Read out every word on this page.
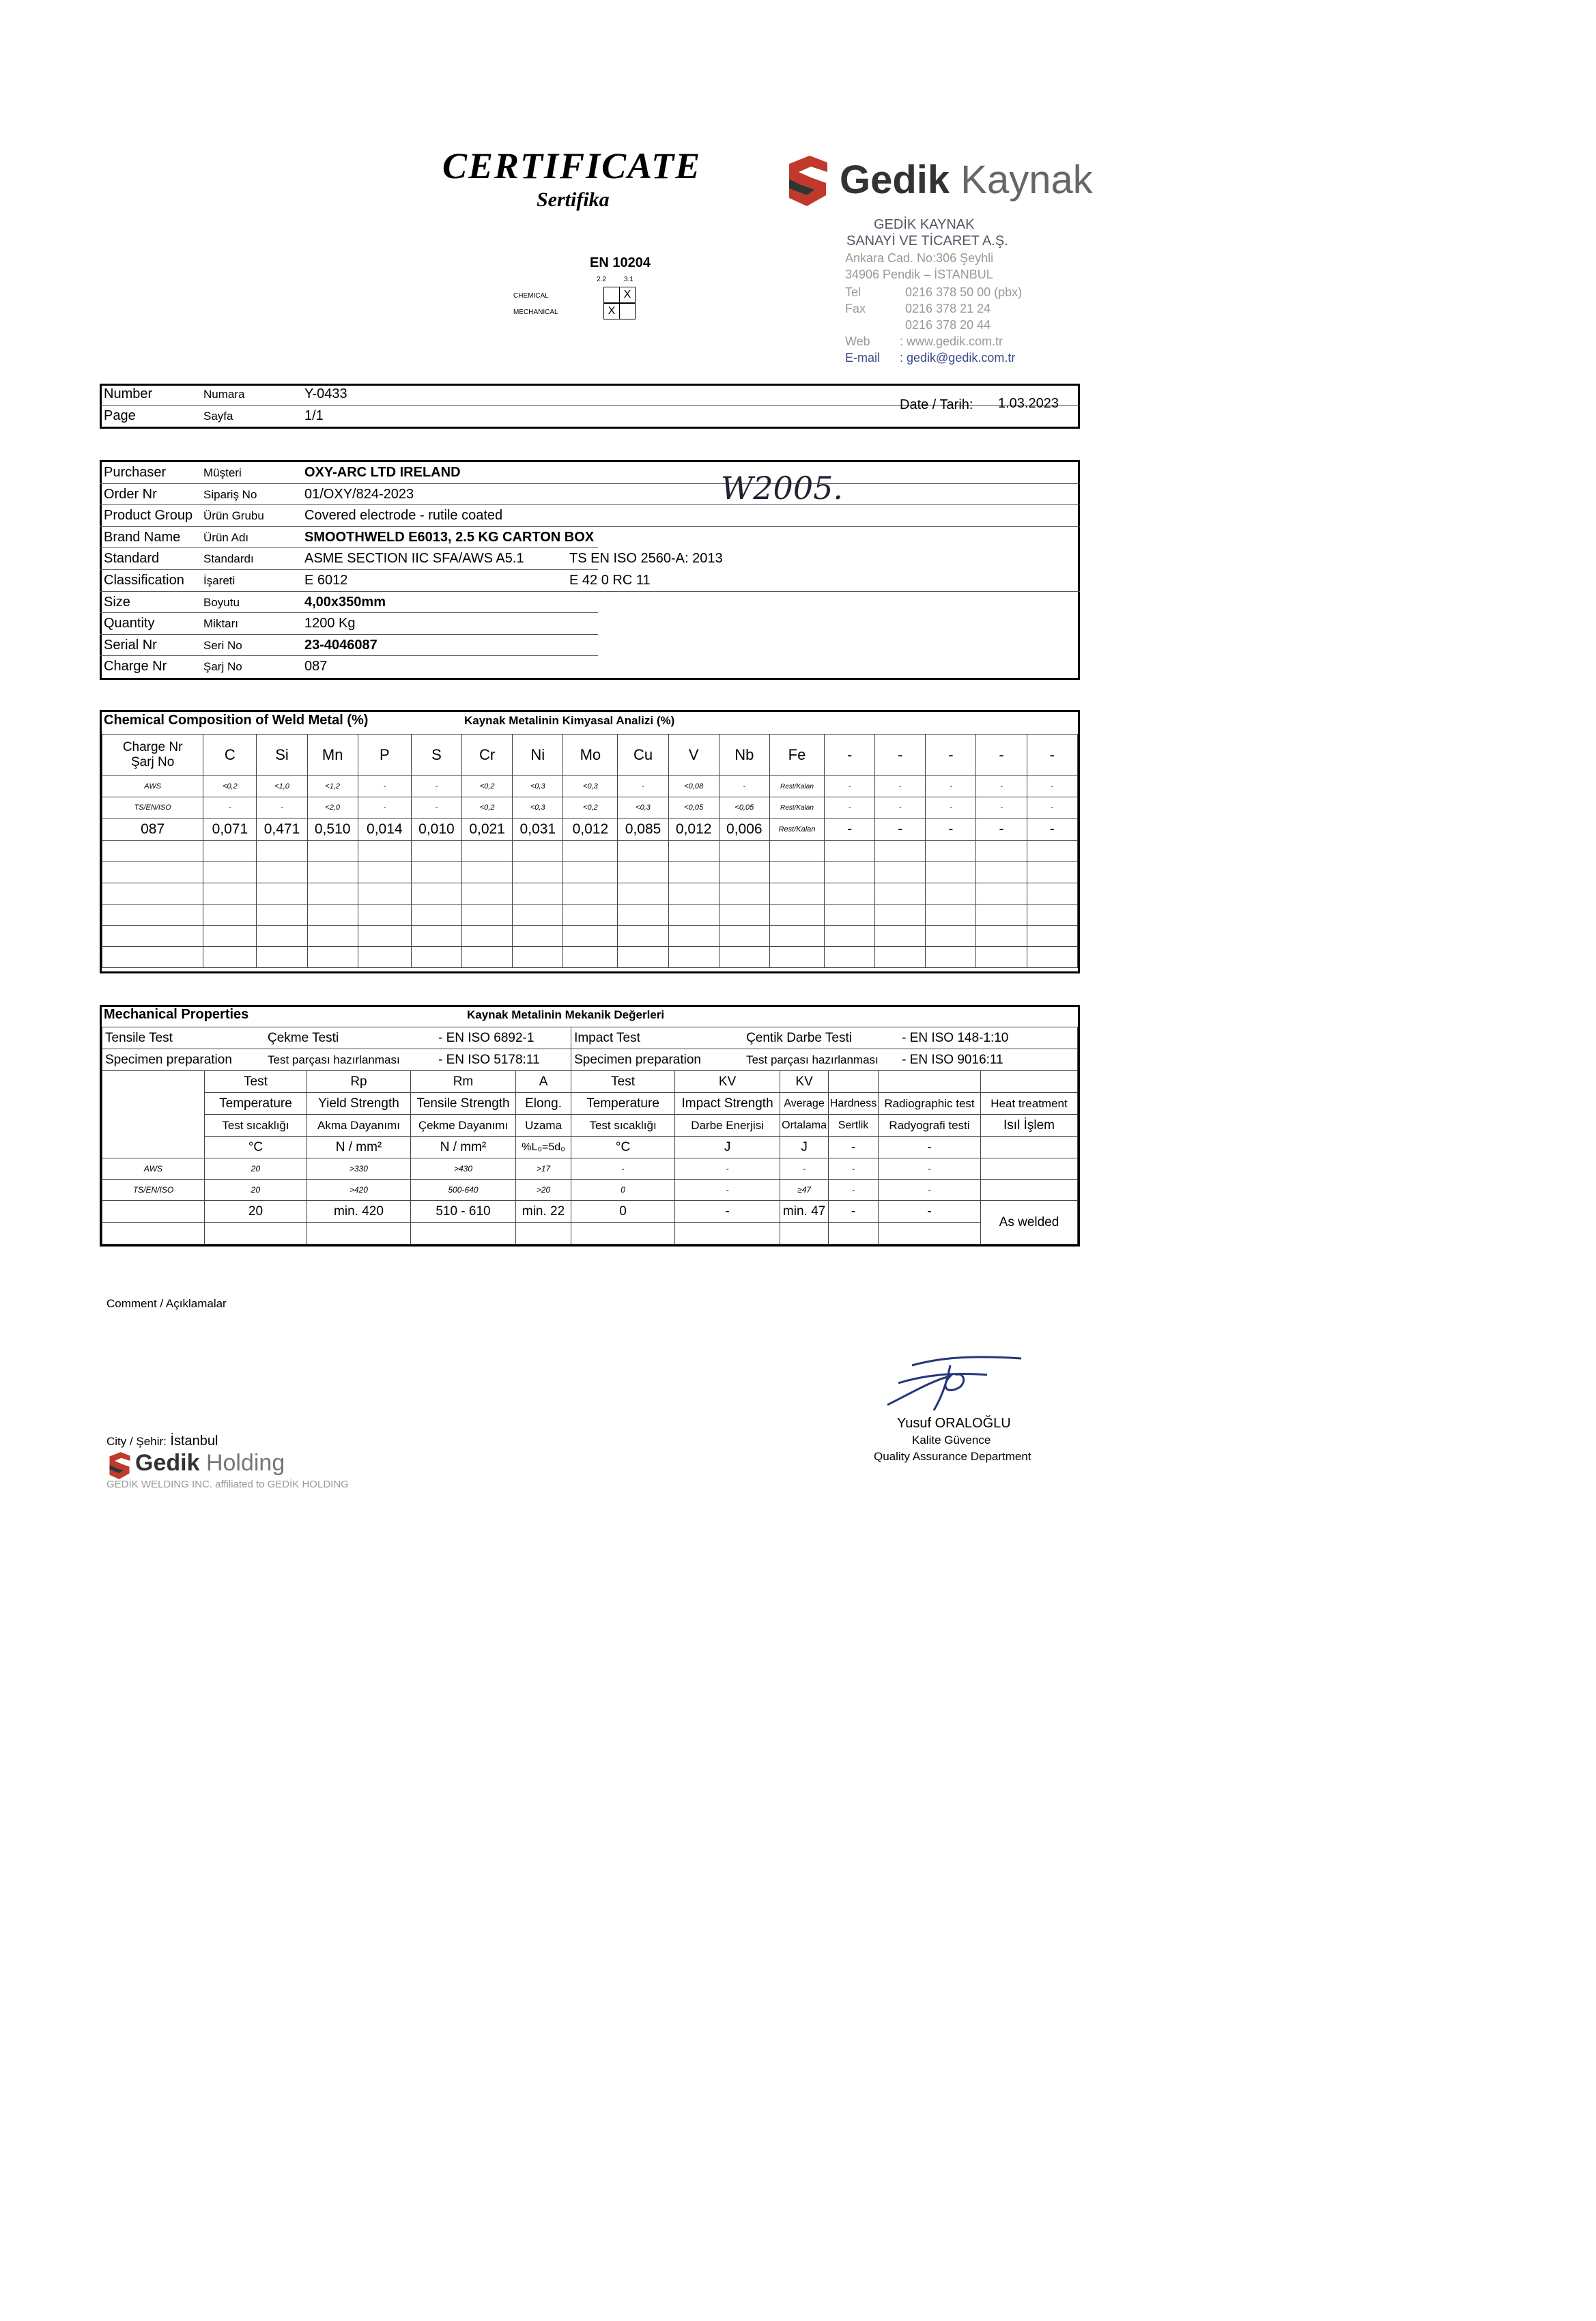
CERTIFICATE
Sertifika
EN 10204
2.2	3.1
CHEMICAL
MECHANICAL
X
X
Gedik Kaynak
GEDİK KAYNAK
SANAYİ VE TİCARET A.Ş.
Ankara Cad. No:306 Şeyhli
34906 Pendik – İSTANBUL
Tel	0216 378 50 00 (pbx)
Fax	0216 378 21 24
0216 378 20 44
Web : www.gedik.com.tr
E-mail : gedik@gedik.com.tr
Number	Numara	Y-0433
Page	Sayfa	1/1
Date / Tarih: 1.03.2023
Purchaser	Müşteri	OXY-ARC LTD IRELAND
Order Nr	Sipariş No	01/OXY/824-2023
Product Group Ürün Grubu	Covered electrode - rutile coated
Brand Name Ürün Adı	SMOOTHWELD E6013, 2.5 KG CARTON BOX
Standard	Standardı	ASME SECTION IIC SFA/AWS A5.1	TS EN ISO 2560-A: 2013
Classification İşareti	E 6012	E 42 0 RC 11
Size	Boyutu	4,00x350mm
Quantity	Miktarı	1200 Kg
Serial Nr	Seri No	23-4046087
Charge Nr	Şarj No	087
W2005.
Chemical Composition of Weld Metal (%)	Kaynak Metalinin Kimyasal Analizi (%)
Charge Nr
Şarj No	C	Si	Mn	P	S	Cr	Ni	Mo	Cu	V	Nb	Fe	-	-	-	-	-
AWS	<0,2	<1,0	<1,2	-	-	<0,2	<0,3	<0,3	-	<0,08	-	Rest/Kalan	-	-	-	-	-
TS/EN/ISO	-	-	<2,0	-	-	<0,2	<0,3	<0,2	<0,3	<0,05	<0,05	Rest/Kalan	-	-	-	-	-
087	0,071	0,471	0,510	0,014	0,010	0,021	0,031	0,012	0,085	0,012	0,006	Rest/Kalan	-	-	-	-	-

Mechanical Properties	Kaynak Metalinin Mekanik Değerleri
Tensile Test Çekme Testi - EN ISO 6892-1					Impact Test Çentik Darbe Testi - EN ISO 148-1:10					
Specimen preparation Test parçası hazırlanması - EN ISO 5178:11					Specimen preparation Test parçası hazırlanması - EN ISO 9016:11					
	Test	Rp	Rm	A	Test	KV	KV			
	Temperature	Yield Strength	Tensile Strength	Elong.	Temperature	Impact Strength	Average	Hardness	Radiographic test	Heat treatment
	Test sıcaklığı	Akma Dayanımı	Çekme Dayanımı	Uzama	Test sıcaklığı	Darbe Enerjisi	Ortalama	Sertlik	Radyografi testi	Isıl İşlem
	°C	N / mm²	N / mm²	%L₀=5d₀	°C	J	J	-	-	
AWS	20	>330	>430	>17	-	-	-	-	-	
TS/EN/ISO	20	>420	500-640	>20	0	-	≥47	-	-	
	20	min. 420	510 - 610	min. 22	0	-	min. 47	-	-	As welded

Comment / Açıklamalar
Yusuf ORALOĞLU
Kalite Güvence
Quality Assurance Department
City / Şehir: İstanbul
Gedik Holding
GEDİK WELDING INC. affiliated to GEDİK HOLDING
